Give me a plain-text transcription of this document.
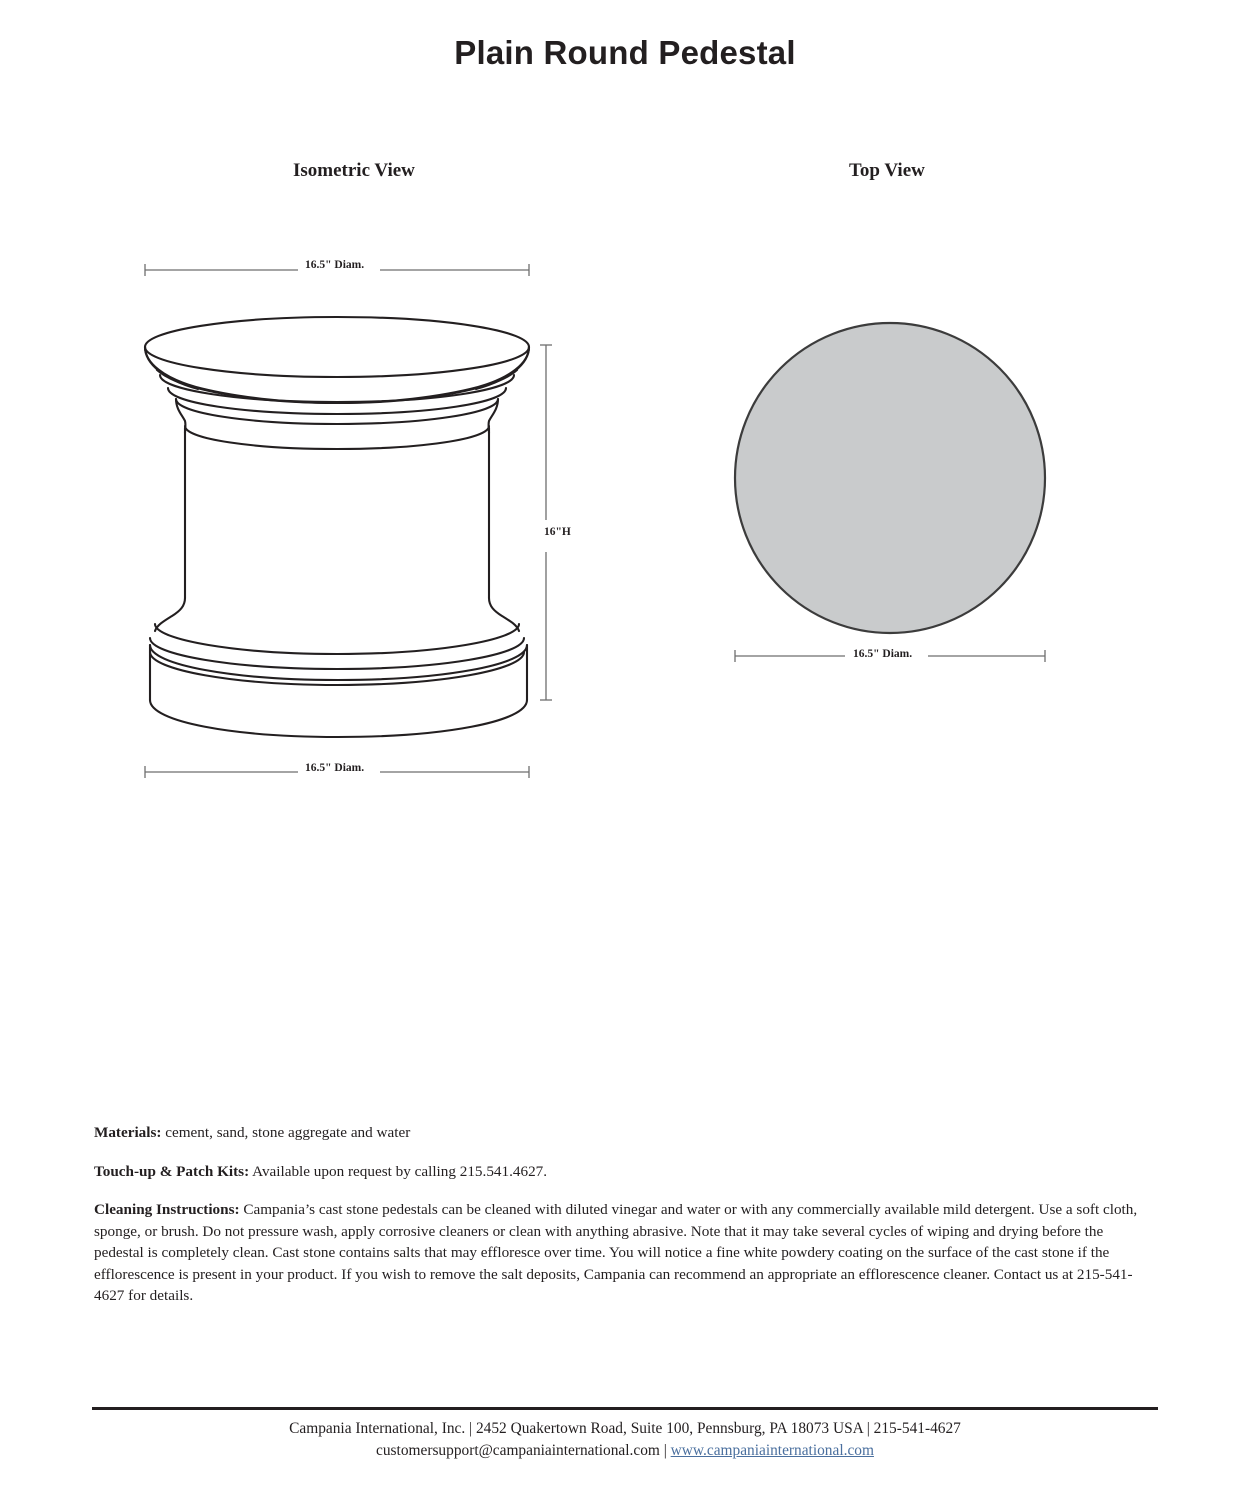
Plain Round Pedestal
Isometric View	Top View
16.5" Diam.
16.5" Diam.
16"H
16.5" Diam.

Materials: cement, sand, stone aggregate and water

Touch-up & Patch Kits: Available upon request by calling 215.541.4627.

Cleaning Instructions: Campania’s cast stone pedestals can be cleaned with diluted vinegar and water or with any commercially available mild detergent. Use a soft cloth, sponge, or brush. Do not pressure wash, apply corrosive cleaners or clean with anything abrasive. Note that it may take several cycles of wiping and drying before the pedestal is completely clean. Cast stone contains salts that may effloresce over time. You will notice a fine white powdery coating on the surface of the cast stone if the efflorescence is present in your product. If you wish to remove the salt deposits, Campania can recommend an appropriate an efflorescence cleaner. Contact us at 215-541-4627 for details.

Campania International, Inc. | 2452 Quakertown Road, Suite 100, Pennsburg, PA 18073 USA | 215-541-4627
customersupport@campaniainternational.com | www.campaniainternational.com
